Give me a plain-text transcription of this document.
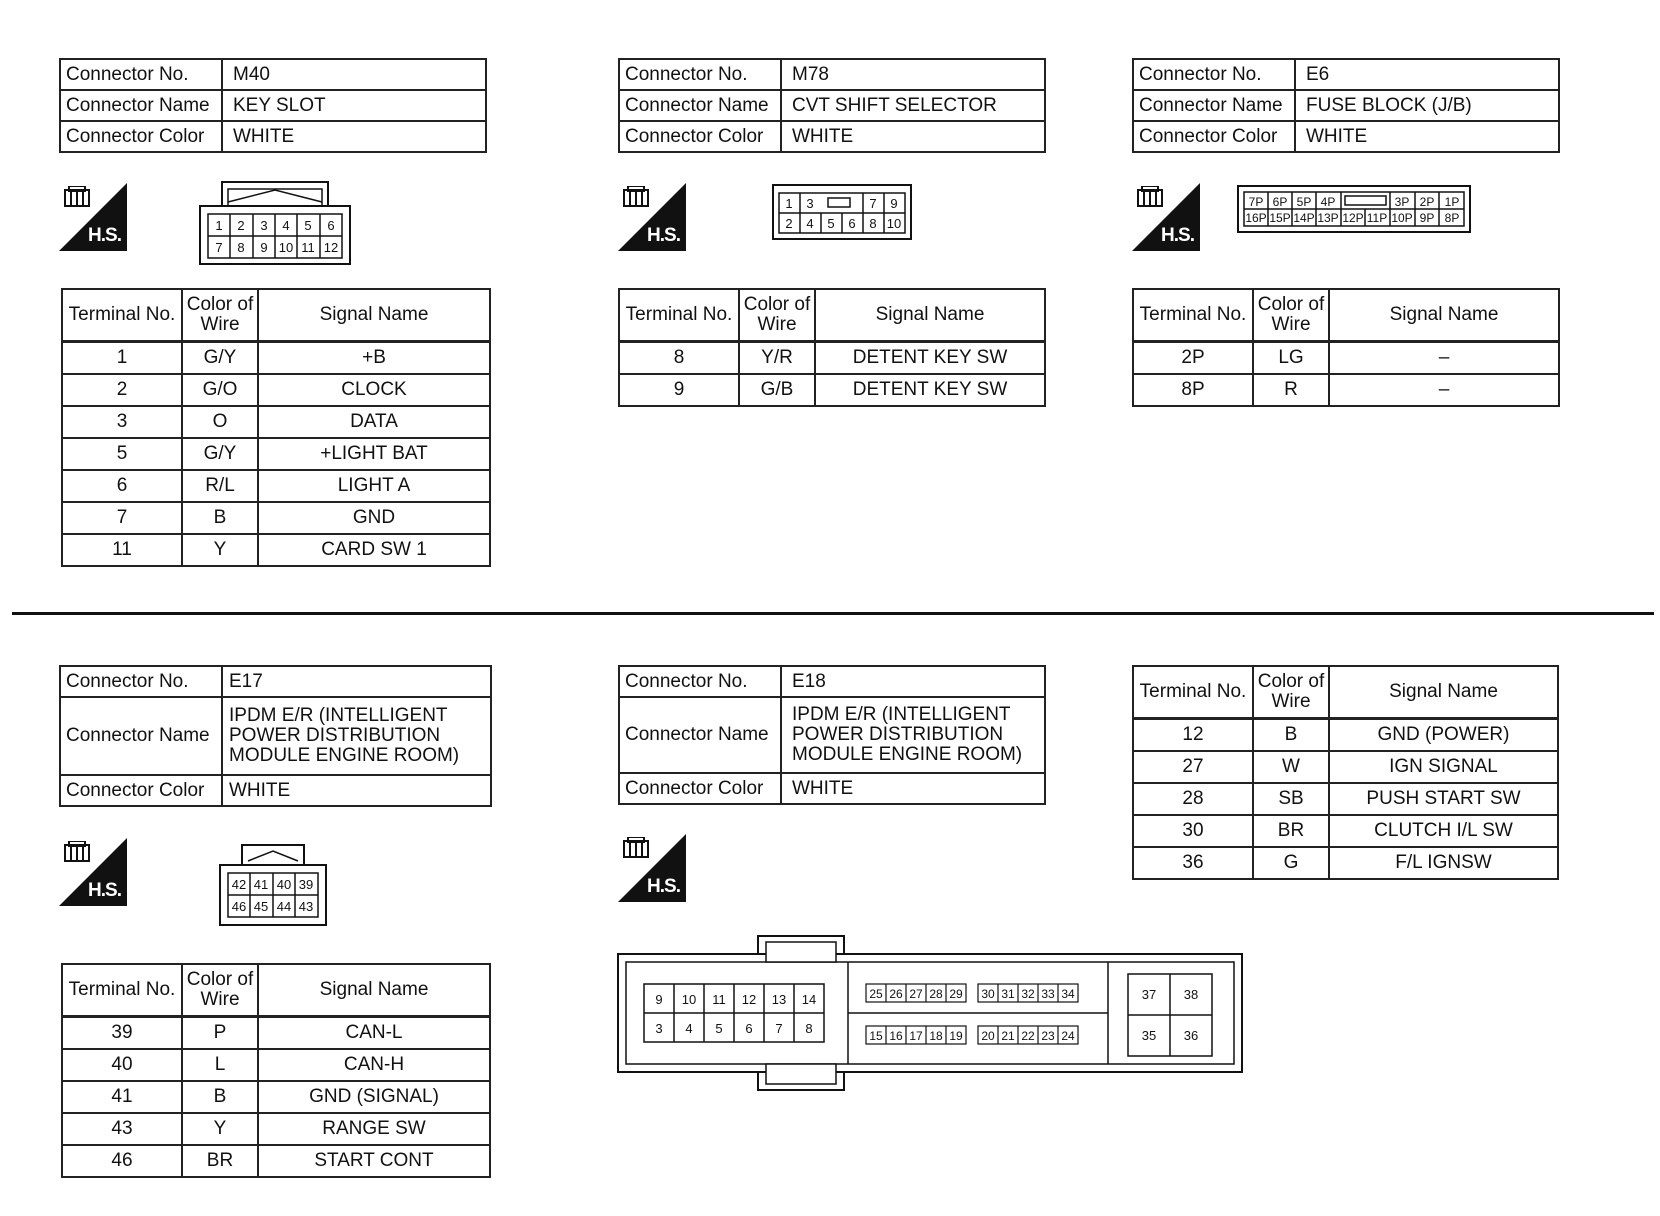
Connector No.	M40
Connector Name	KEY SLOT
Connector Color	WHITE
H.S.	1 2 3 4 5 6
7 8 9 10 11 12
Terminal No.	Color of Wire	Signal Name
1	G/Y	+B
2	G/O	CLOCK
3	O	DATA
5	G/Y	+LIGHT BAT
6	R/L	LIGHT A
7	B	GND
11	Y	CARD SW 1
Connector No.	M78
Connector Name	CVT SHIFT SELECTOR
Connector Color	WHITE
H.S.
1 3	7 9
2 4 5 6 8 10
Terminal No.	Color of Wire	Signal Name
8	Y/R	DETENT KEY SW
9	G/B	DETENT KEY SW
Connector No.	E6
Connector Name	FUSE BLOCK (J/B)
Connector Color	WHITE
H.S.
7P 6P 5P 4P	3P 2P 1P
16P 15P 14P 13P 12P 11P 10P 9P 8P
Terminal No.	Color of Wire	Signal Name
2P	LG	–
8P	R	–
Connector No.	E17
Connector Name	IPDM E/R (INTELLIGENT
POWER DISTRIBUTION
MODULE ENGINE ROOM)

Connector Color	WHITE
H.S.	42 41 40 39
46 45 44 43
Terminal No.	Color of Wire	Signal Name
39	P	CAN-L
40	L	CAN-H
41	B	GND (SIGNAL)
43	Y	RANGE SW
46	BR	START CONT
Connector No.	E18
Connector Name	IPDM E/R (INTELLIGENT
POWER DISTRIBUTION
MODULE ENGINE ROOM)

Connector Color	WHITE
H.S.
9 10 11 12 13 14
3 4 5 6 7 8
25 26 27 28 29 30 31 32 33 34
15 16 17 18 19 20 21 22 23 24
37 38
35 36
Terminal No.	Color of Wire	Signal Name
12	B	GND (POWER)
27	W	IGN SIGNAL
28	SB	PUSH START SW
30	BR	CLUTCH I/L SW
36	G	F/L IGNSW
